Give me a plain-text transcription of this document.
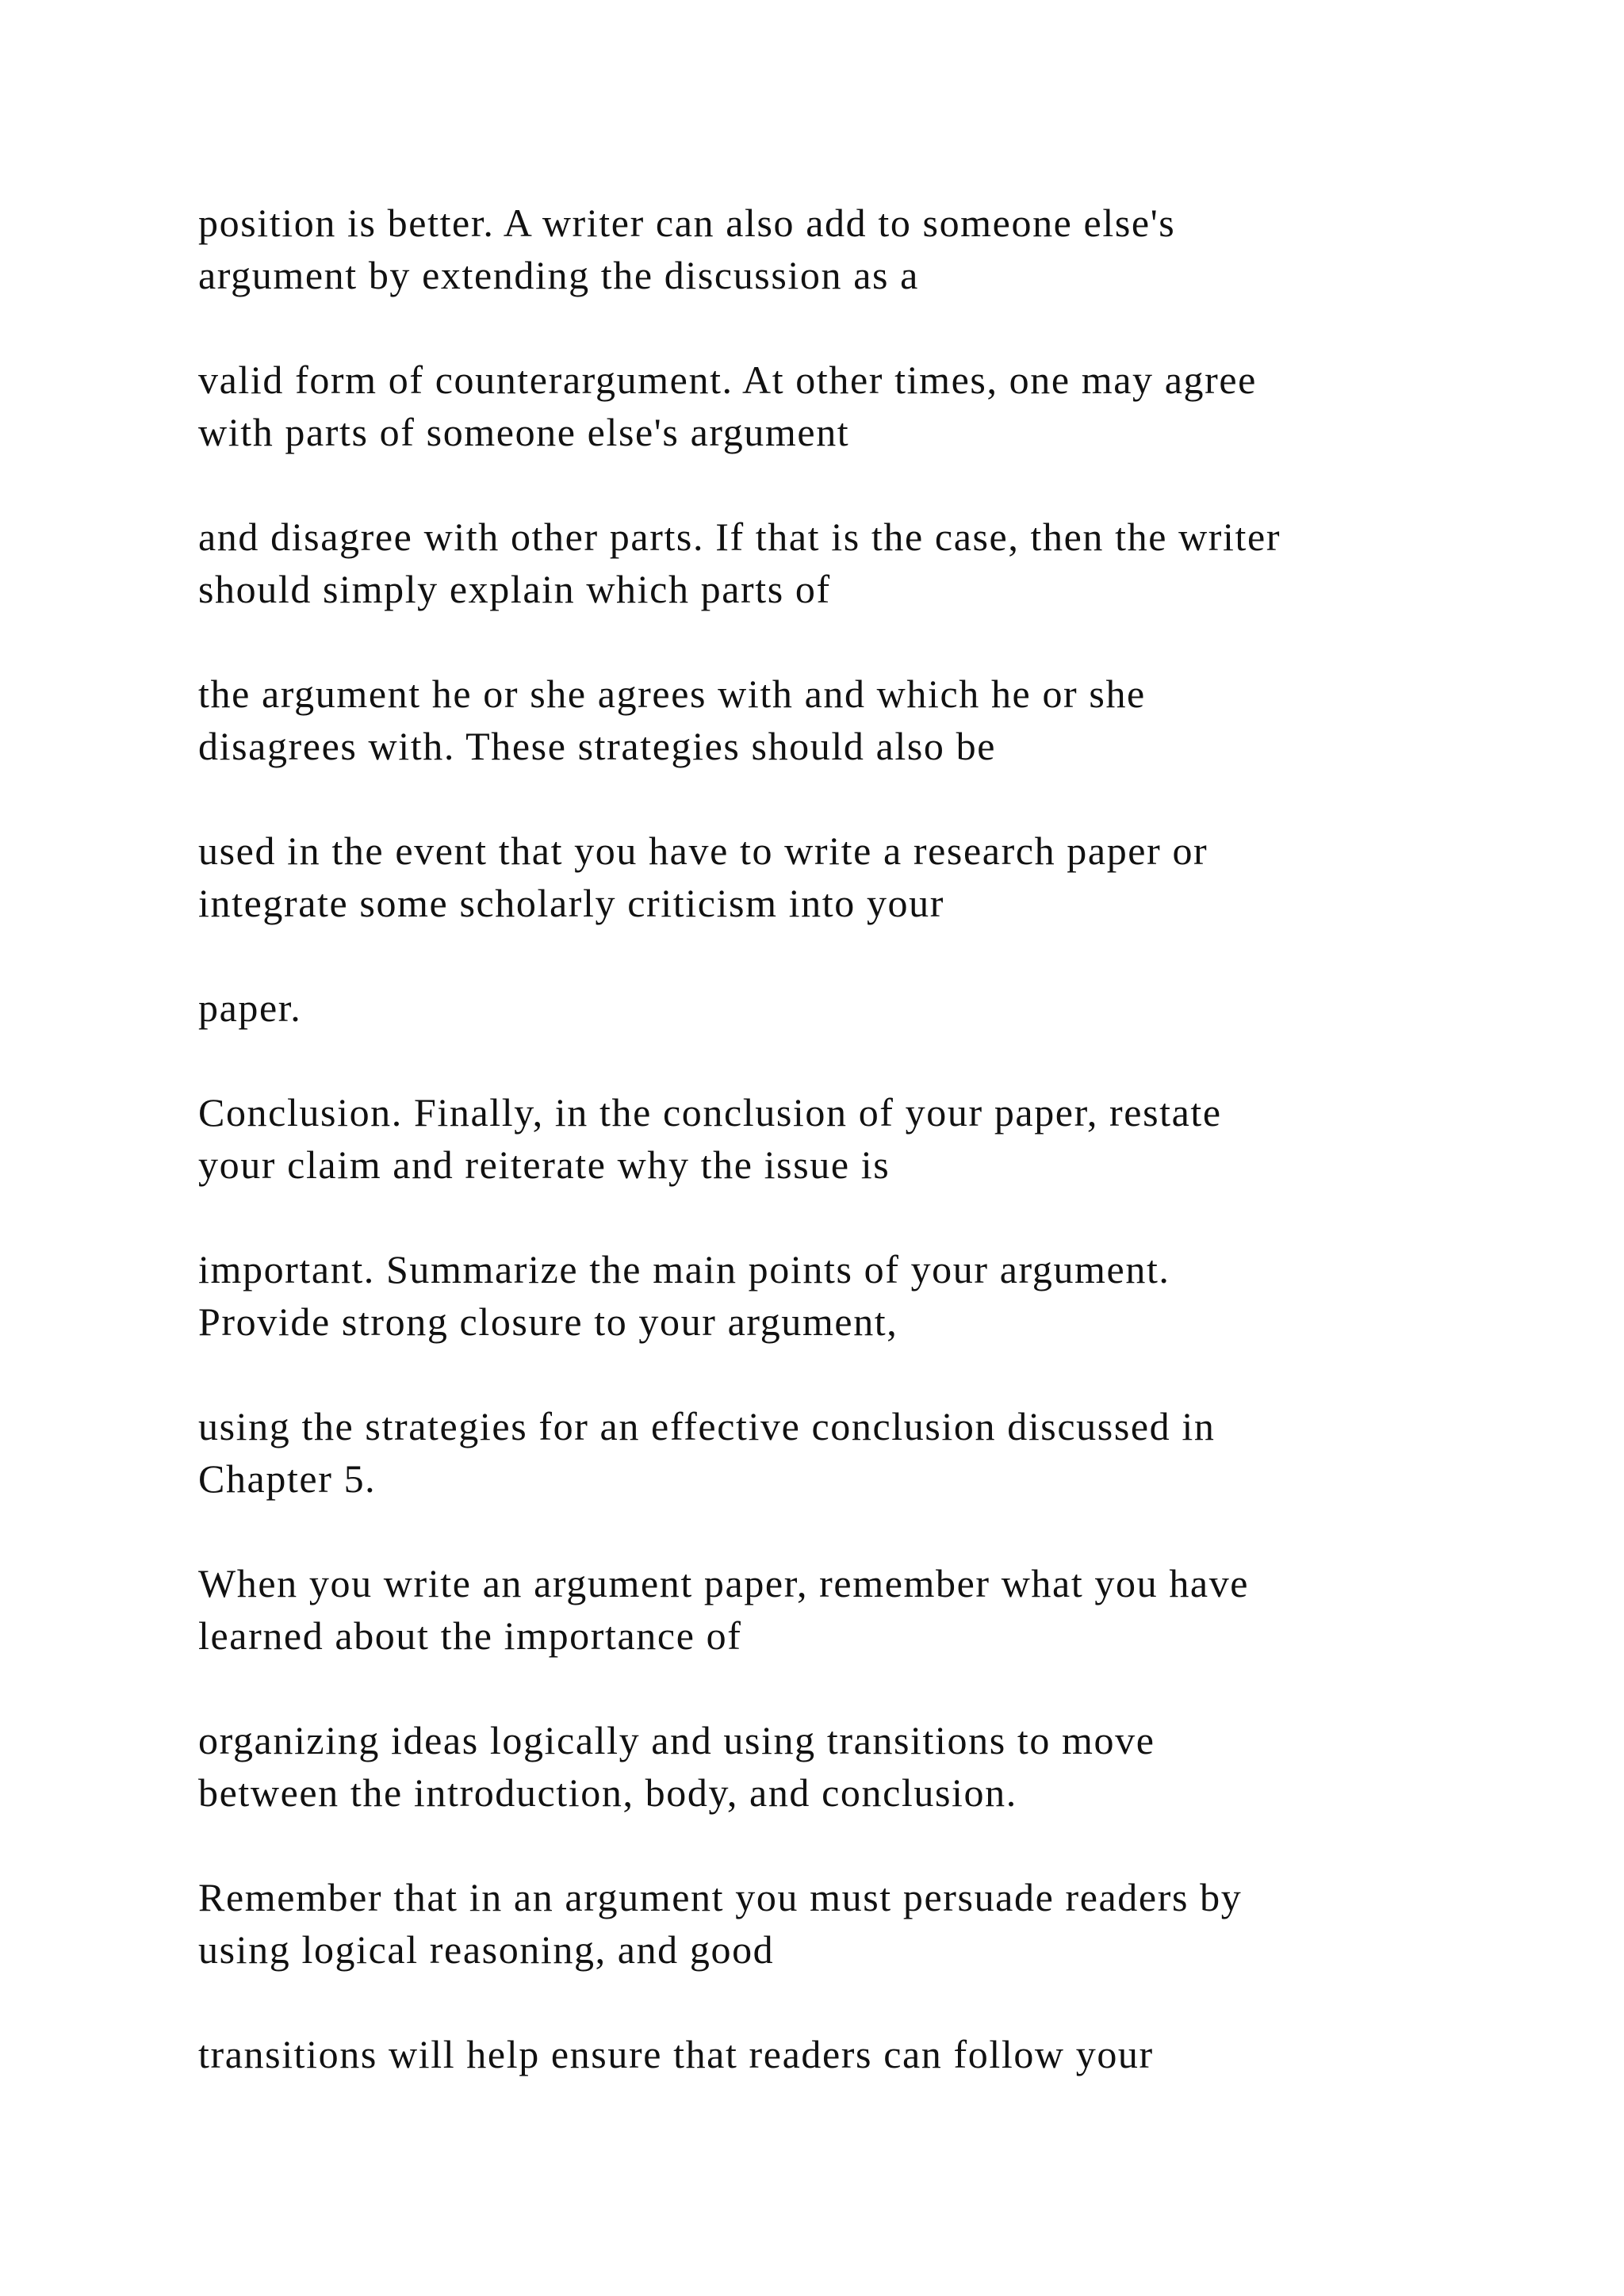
position is better. A writer can also add to someone else's
argument by extending the discussion as a

valid form of counterargument. At other times, one may agree
with parts of someone else's argument

and disagree with other parts. If that is the case, then the writer
should simply explain which parts of

the argument he or she agrees with and which he or she
disagrees with. These strategies should also be

used in the event that you have to write a research paper or
integrate some scholarly criticism into your

paper.

Conclusion. Finally, in the conclusion of your paper, restate
your claim and reiterate why the issue is

important. Summarize the main points of your argument.
Provide strong closure to your argument,

using the strategies for an effective conclusion discussed in
Chapter 5.

When you write an argument paper, remember what you have
learned about the importance of

organizing ideas logically and using transitions to move
between the introduction, body, and conclusion.

Remember that in an argument you must persuade readers by
using logical reasoning, and good

transitions will help ensure that readers can follow your
